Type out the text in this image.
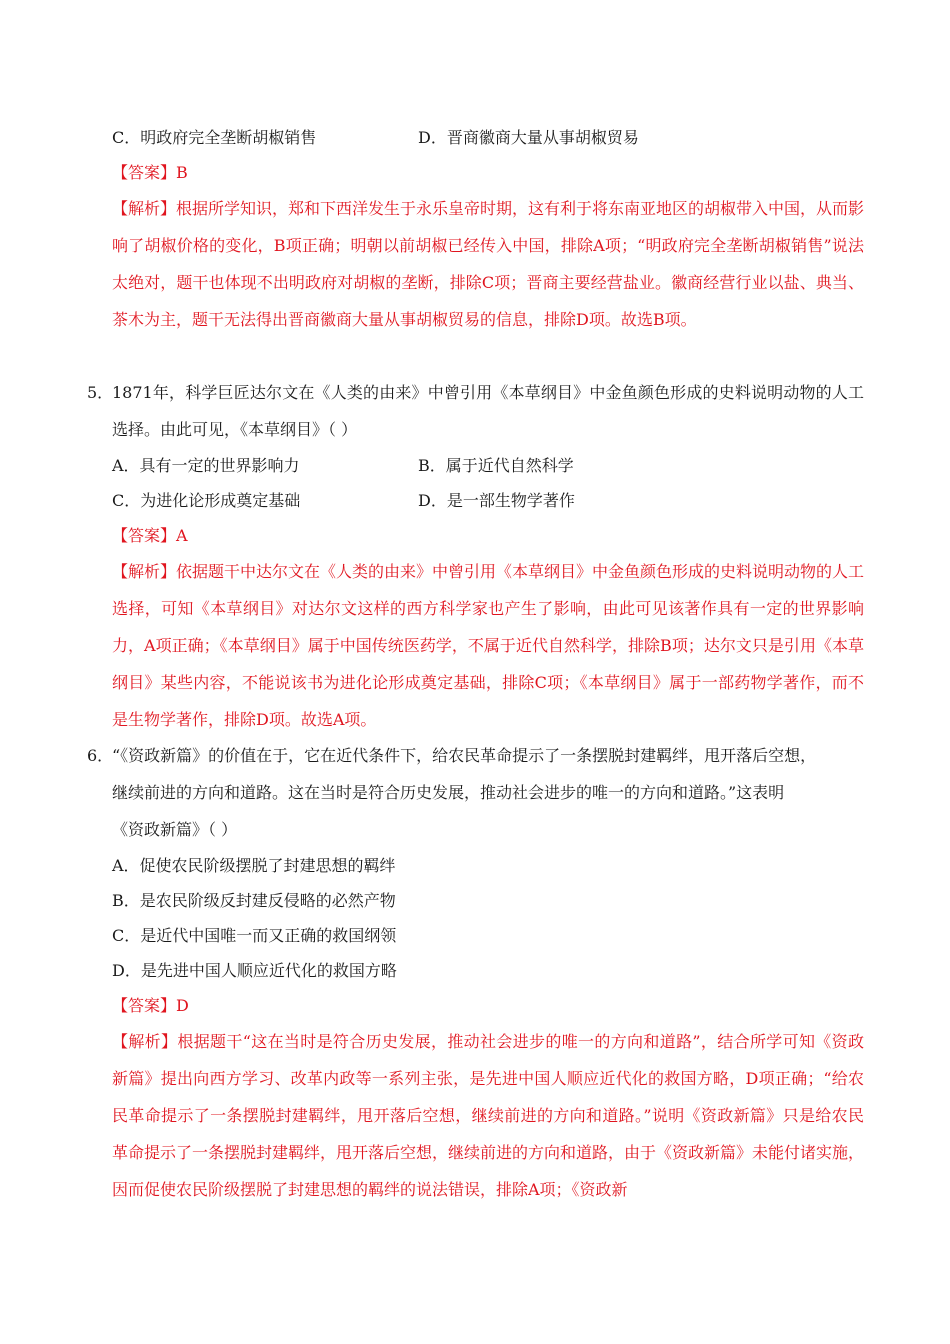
C．明政府完全垄断胡椒销售	D．晋商徽商大量从事胡椒贸易
【答案】B
【解析】根据所学知识，郑和下西洋发生于永乐皇帝时期，这有利于将东南亚地区的胡椒带入中国，从而影响了胡椒价格的变化，B项正确；明朝以前胡椒已经传入中国，排除A项；“明政府完全垄断胡椒销售”说法太绝对，题干也体现不出明政府对胡椒的垄断，排除C项；晋商主要经营盐业。徽商经营行业以盐、典当、茶木为主，题干无法得出晋商徽商大量从事胡椒贸易的信息，排除D项。故选B项。
5．
1871年，科学巨匠达尔文在《人类的由来》中曾引用《本草纲目》中金鱼颜色形成的史料说明动物的人工选择。由此可见，《本草纲目》（ ）
A．具有一定的世界影响力	B．属于近代自然科学
C．为进化论形成奠定基础	D．是一部生物学著作
【答案】A
【解析】依据题干中达尔文在《人类的由来》中曾引用《本草纲目》中金鱼颜色形成的史料说明动物的人工选择，可知《本草纲目》对达尔文这样的西方科学家也产生了影响，由此可见该著作具有一定的世界影响力，A项正确；《本草纲目》属于中国传统医药学，不属于近代自然科学，排除B项；达尔文只是引用《本草纲目》某些内容，不能说该书为进化论形成奠定基础，排除C项；《本草纲目》属于一部药物学著作，而不是生物学著作，排除D项。故选A项。
6．
“《资政新篇》的价值在于，它在近代条件下，给农民革命提示了一条摆脱封建羁绊，甩开落后空想，
继续前进的方向和道路。这在当时是符合历史发展，推动社会进步的唯一的方向和道路。”这表明
《资政新篇》（ ）
A．促使农民阶级摆脱了封建思想的羁绊
B．是农民阶级反封建反侵略的必然产物
C．是近代中国唯一而又正确的救国纲领
D．是先进中国人顺应近代化的救国方略
【答案】D
【解析】根据题干“这在当时是符合历史发展，推动社会进步的唯一的方向和道路”，结合所学可知《资政新篇》提出向西方学习、改革内政等一系列主张，是先进中国人顺应近代化的救国方略，D项正确；“给农民革命提示了一条摆脱封建羁绊，甩开落后空想，继续前进的方向和道路。”说明《资政新篇》只是给农民革命提示了一条摆脱封建羁绊，甩开落后空想，继续前进的方向和道路，由于《资政新篇》未能付诸实施，因而促使农民阶级摆脱了封建思想的羁绊的说法错误，排除A项；《资政新
